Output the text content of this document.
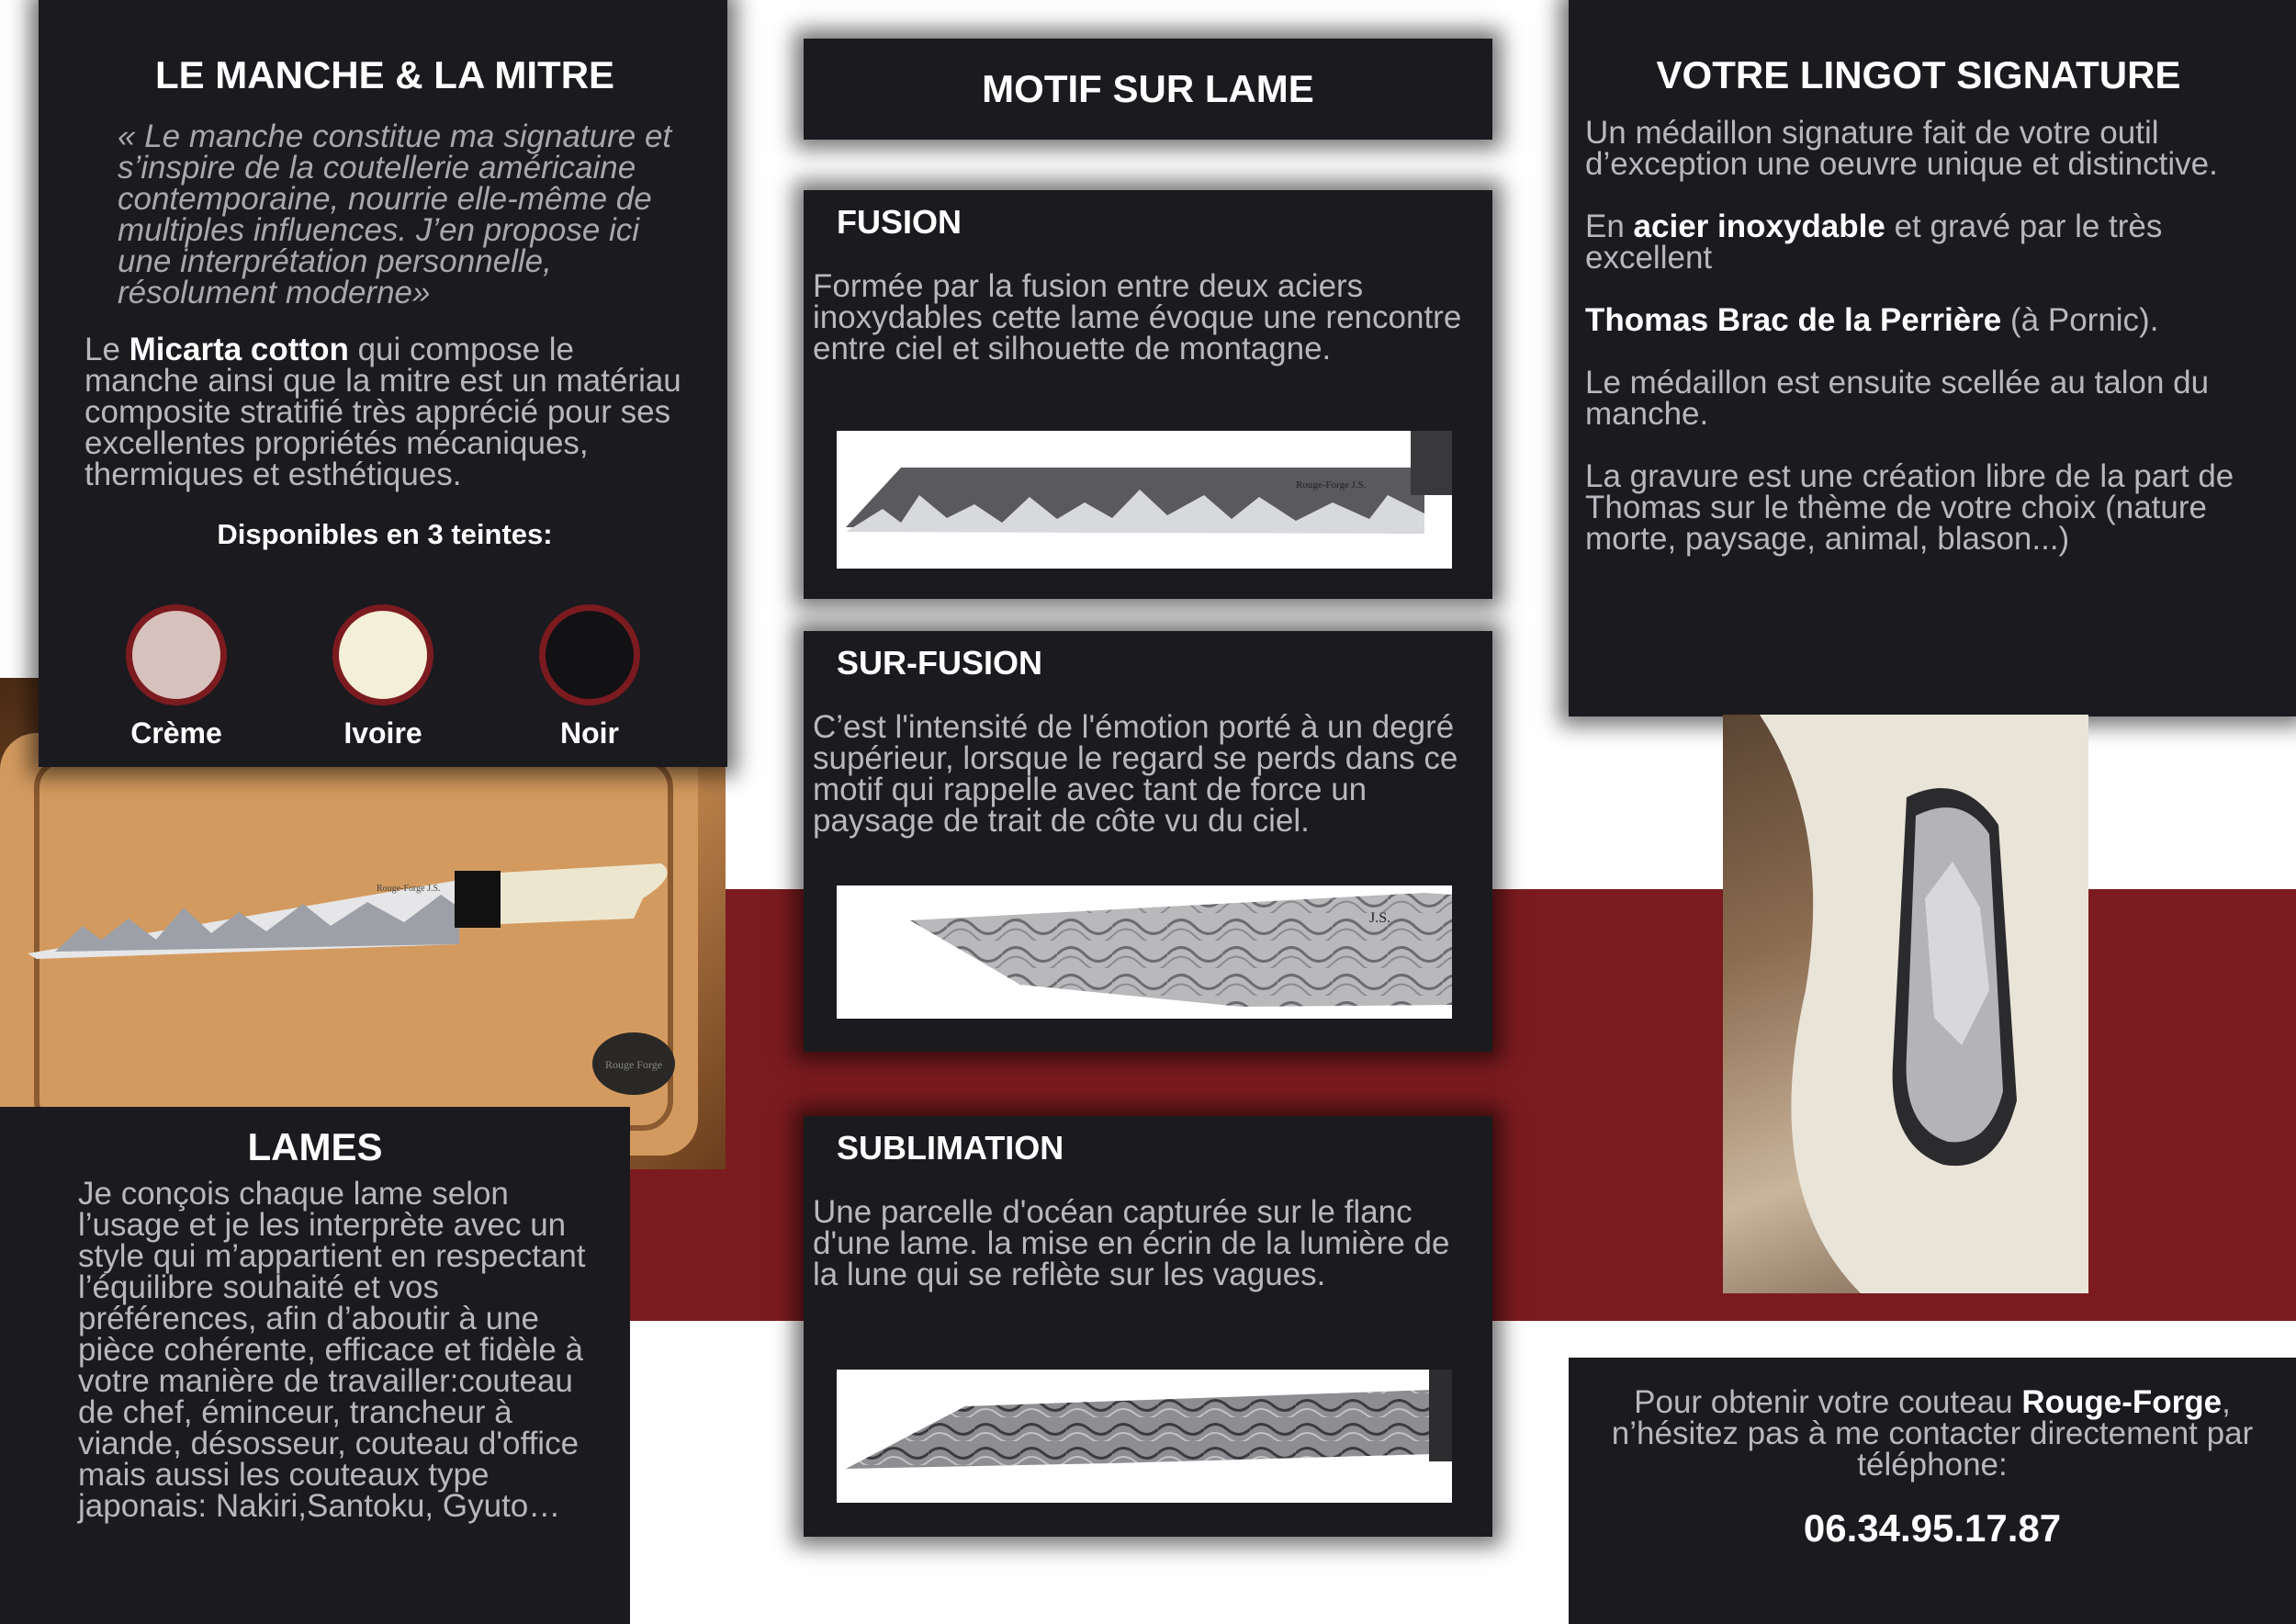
Rouge Forge
Rouge-Forge J.S.
LE MANCHE & LA MITRE

« Le manche constitue ma signature et s’inspire de la coutellerie américaine contemporaine, nourrie elle-même de multiples influences. J’en propose ici une interprétation personnelle, résolument moderne»

Le Micarta cotton qui compose le manche ainsi que la mitre est un matériau composite stratifié très apprécié pour ses excellentes propriétés mécaniques, thermiques et esthétiques.

Disponibles en 3 teintes:
Crème	Ivoire	Noir
LAMES

Je conçois chaque lame selon l’usage et je les interprète avec un style qui m’appartient en respectant l’équilibre souhaité et vos préférences, afin d’aboutir à une pièce cohérente, efficace et fidèle à votre manière de travailler:couteau de chef, éminceur, trancheur à viande, désosseur, couteau d'office mais aussi les couteaux type japonais: Nakiri,Santoku, Gyuto…

MOTIF SUR LAME
FUSION

Formée par la fusion entre deux aciers inoxydables cette lame évoque une rencontre entre ciel et silhouette de montagne.

Rouge-Forge J.S.
SUR-FUSION

C’est l'intensité de l'émotion porté à un degré supérieur, lorsque le regard se perds dans ce motif qui rappelle avec tant de force un paysage de trait de côte vu du ciel.

J.S.
SUBLIMATION

Une parcelle d'océan capturée sur le flanc d'une lame. la mise en écrin de la lumière de la lune qui se reflète sur les vagues.

VOTRE LINGOT SIGNATURE

Un médaillon signature fait de votre outil d’exception une oeuvre unique et distinctive.

En acier inoxydable et gravé par le très excellent

Thomas Brac de la Perrière (à Pornic).

Le médaillon est ensuite scellée au talon du manche.

La gravure est une création libre de la part de Thomas sur le thème de votre choix (nature morte, paysage, animal, blason...)

Pour obtenir votre couteau Rouge-Forge, n’hésitez pas à me contacter directement par téléphone:

06.34.95.17.87
